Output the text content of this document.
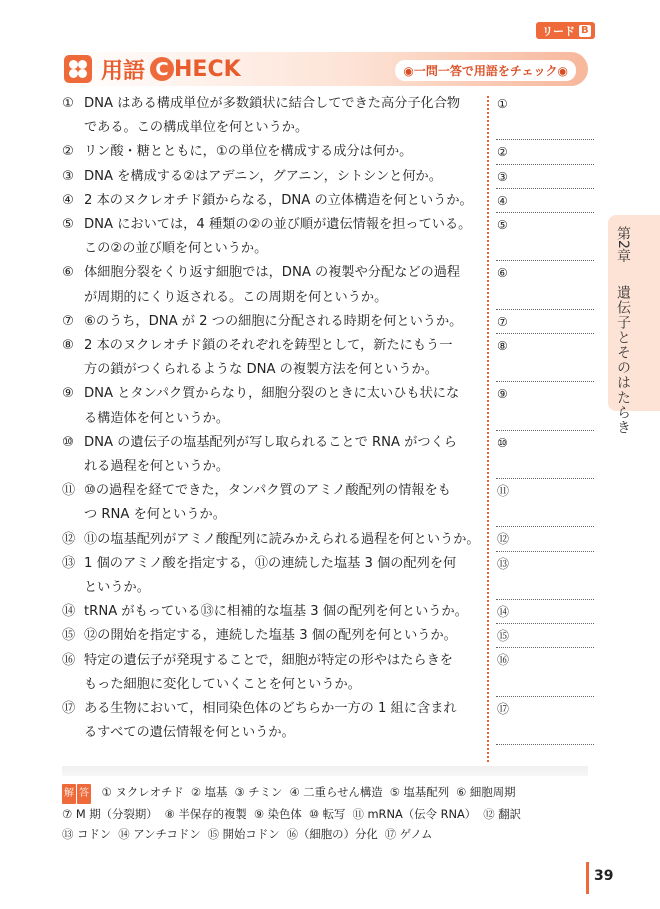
リード B
用語 C HECK	◉一問一答で用語をチェック◉
① DNA はある構成単位が多数鎖状に結合してできた高分子化合物
である。この構成単位を何というか。
② リン酸・糖とともに，①の単位を構成する成分は何か。
③ DNA を構成する②はアデニン，グアニン，シトシンと何か。
④ 2 本のヌクレオチド鎖からなる，DNA の立体構造を何というか。
⑤ DNA においては，4 種類の②の並び順が遺伝情報を担っている。
この②の並び順を何というか。
⑥ 体細胞分裂をくり返す細胞では，DNA の複製や分配などの過程
が周期的にくり返される。この周期を何というか。
⑦ ⑥のうち，DNA が 2 つの細胞に分配される時期を何というか。
⑧ 2 本のヌクレオチド鎖のそれぞれを鋳型として，新たにもう一
方の鎖がつくられるような DNA の複製方法を何というか。
⑨ DNA とタンパク質からなり，細胞分裂のときに太いひも状にな
る構造体を何というか。
⑩ DNA の遺伝子の塩基配列が写し取られることで RNA がつくら
れる過程を何というか。
⑪ ⑩の過程を経てできた，タンパク質のアミノ酸配列の情報をも
つ RNA を何というか。
⑫ ⑪の塩基配列がアミノ酸配列に読みかえられる過程を何というか。
⑬ 1 個のアミノ酸を指定する，⑪の連続した塩基 3 個の配列を何
というか。
⑭ tRNA がもっている⑬に相補的な塩基 3 個の配列を何というか。
⑮ ⑫の開始を指定する，連続した塩基 3 個の配列を何というか。
⑯ 特定の遺伝子が発現することで，細胞が特定の形やはたらきを
もった細胞に変化していくことを何というか。
⑰ ある生物において，相同染色体のどちらか一方の 1 組に含まれ
るすべての遺伝情報を何というか。
①
②
③
④
⑤
⑥
⑦
⑧
⑨
⑩
⑪
⑫
⑬
⑭
⑮
⑯
⑰
解 答 ① ヌクレオチド ② 塩基 ③ チミン ④ 二重らせん構造 ⑤ 塩基配列 ⑥ 細胞周期
⑦ M 期（分裂期） ⑧ 半保存的複製 ⑨ 染色体 ⑩ 転写 ⑪ mRNA（伝令 RNA） ⑫ 翻訳
⑬ コドン ⑭ アンチコドン ⑮ 開始コドン ⑯（細胞の）分化 ⑰ ゲノム
第2章
遺伝子とそのはたらき
39
